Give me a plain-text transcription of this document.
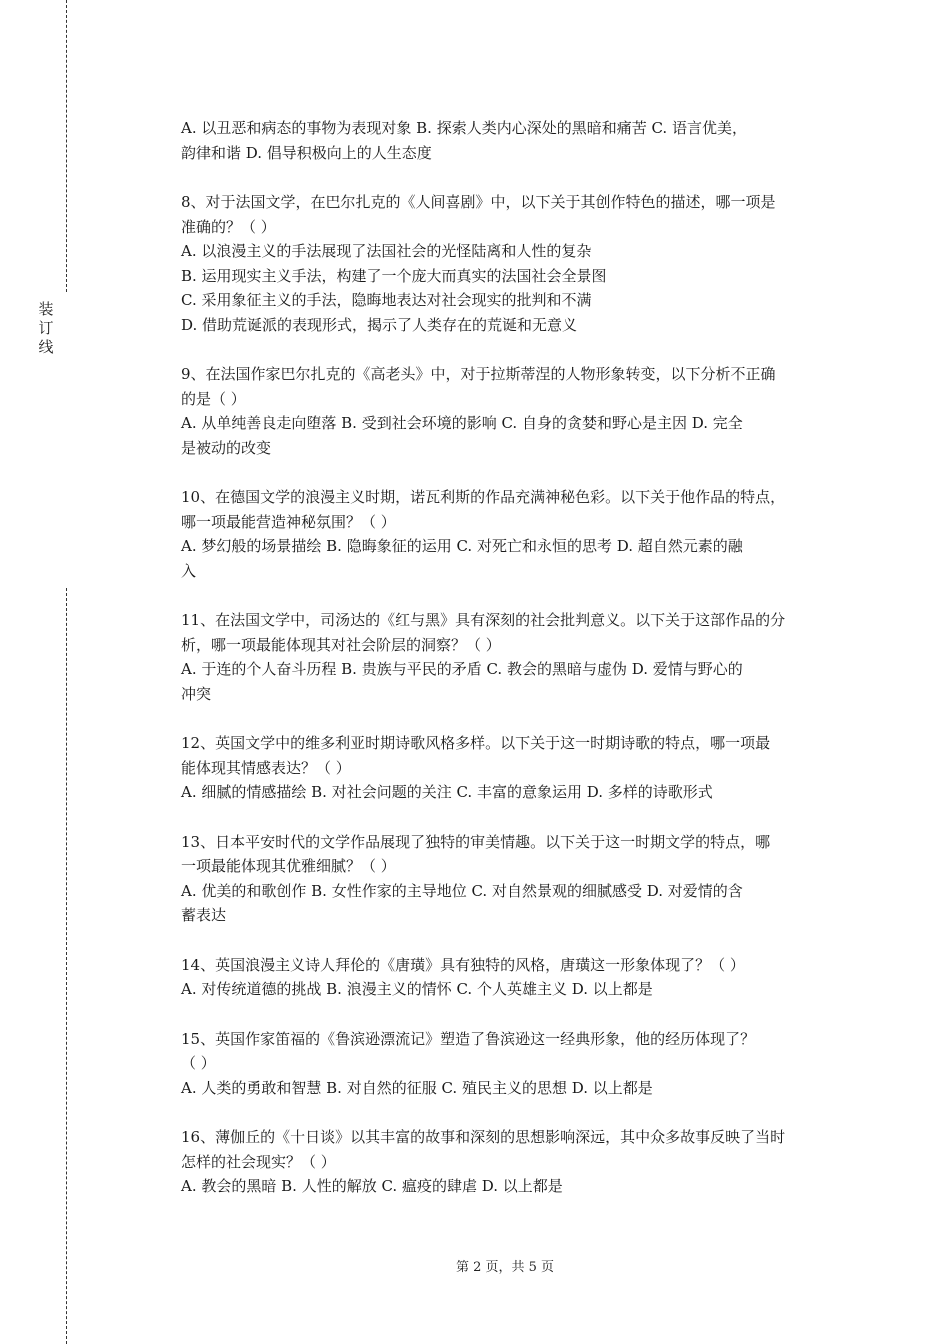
装
订
线
A. 以丑恶和病态的事物为表现对象 B. 探索人类内心深处的黑暗和痛苦 C. 语言优美，
韵律和谐 D. 倡导积极向上的人生态度
8、对于法国文学，在巴尔扎克的《人间喜剧》中，以下关于其创作特色的描述，哪一项是
准确的？（ ）
A. 以浪漫主义的手法展现了法国社会的光怪陆离和人性的复杂
B. 运用现实主义手法，构建了一个庞大而真实的法国社会全景图
C. 采用象征主义的手法，隐晦地表达对社会现实的批判和不满
D. 借助荒诞派的表现形式，揭示了人类存在的荒诞和无意义
9、在法国作家巴尔扎克的《高老头》中，对于拉斯蒂涅的人物形象转变，以下分析不正确
的是（ ）
A. 从单纯善良走向堕落 B. 受到社会环境的影响 C. 自身的贪婪和野心是主因 D. 完全
是被动的改变
10、在德国文学的浪漫主义时期，诺瓦利斯的作品充满神秘色彩。以下关于他作品的特点，
哪一项最能营造神秘氛围？（ ）
A. 梦幻般的场景描绘 B. 隐晦象征的运用 C. 对死亡和永恒的思考 D. 超自然元素的融
入
11、在法国文学中，司汤达的《红与黑》具有深刻的社会批判意义。以下关于这部作品的分
析，哪一项最能体现其对社会阶层的洞察？（ ）
A. 于连的个人奋斗历程 B. 贵族与平民的矛盾 C. 教会的黑暗与虚伪 D. 爱情与野心的
冲突
12、英国文学中的维多利亚时期诗歌风格多样。以下关于这一时期诗歌的特点，哪一项最
能体现其情感表达？（ ）
A. 细腻的情感描绘 B. 对社会问题的关注 C. 丰富的意象运用 D. 多样的诗歌形式
13、日本平安时代的文学作品展现了独特的审美情趣。以下关于这一时期文学的特点，哪
一项最能体现其优雅细腻？（ ）
A. 优美的和歌创作 B. 女性作家的主导地位 C. 对自然景观的细腻感受 D. 对爱情的含
蓄表达
14、英国浪漫主义诗人拜伦的《唐璜》具有独特的风格，唐璜这一形象体现了？（ ）
A. 对传统道德的挑战 B. 浪漫主义的情怀 C. 个人英雄主义 D. 以上都是
15、英国作家笛福的《鲁滨逊漂流记》塑造了鲁滨逊这一经典形象，他的经历体现了？
（ ）
A. 人类的勇敢和智慧 B. 对自然的征服 C. 殖民主义的思想 D. 以上都是
16、薄伽丘的《十日谈》以其丰富的故事和深刻的思想影响深远，其中众多故事反映了当时
怎样的社会现实？（ ）
A. 教会的黑暗 B. 人性的解放 C. 瘟疫的肆虐 D. 以上都是
第 2 页，共 5 页
